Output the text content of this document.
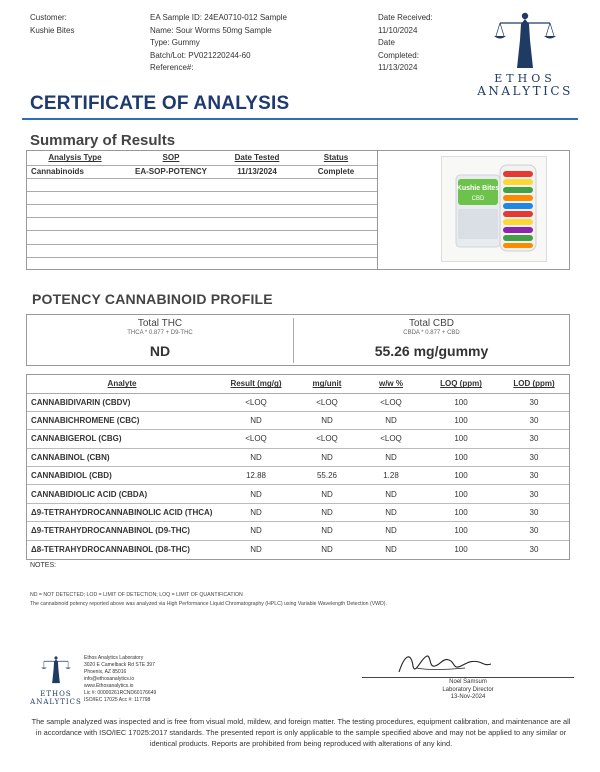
Customer:
Kushie Bites
EA Sample ID: 24EA0710-012 Sample
Name: Sour Worms 50mg Sample
Type: Gummy
Batch/Lot: PV021220244-60
Reference#:
Date Received:
11/10/2024
Date
Completed:
11/13/2024
ETHOS
ANALYTICS
CERTIFICATE OF ANALYSIS
Summary of Results
Analysis Type	SOP	Date Tested	Status
Cannabinoids	EA-SOP-POTENCY	11/13/2024	Complete

Kushie Bites
CBD
POTENCY CANNABINOID PROFILE
Total THC
THCA * 0.877 + D9-THC
ND
Total CBD
CBDA * 0.877 + CBD
55.26 mg/gummy
Analyte	Result (mg/g)	mg/unit	w/w %	LOQ (ppm)	LOD (ppm)
CANNABIDIVARIN (CBDV)	<LOQ	<LOQ	<LOQ	100	30
CANNABICHROMENE (CBC)	ND	ND	ND	100	30
CANNABIGEROL (CBG)	<LOQ	<LOQ	<LOQ	100	30
CANNABINOL (CBN)	ND	ND	ND	100	30
CANNABIDIOL (CBD)	12.88	55.26	1.28	100	30
CANNABIDIOLIC ACID (CBDA)	ND	ND	ND	100	30
Δ9-TETRAHYDROCANNABINOLIC ACID (THCA)	ND	ND	ND	100	30
Δ9-TETRAHYDROCANNABINOL (D9-THC)	ND	ND	ND	100	30
Δ8-TETRAHYDROCANNABINOL (D8-THC)	ND	ND	ND	100	30
NOTES:
ND = NOT DETECTED; LOD = LIMIT OF DETECTION; LOQ = LIMIT OF QUANTIFICATION
The cannabinoid potency reported above was analyzed via High Performance Liquid Chromatography (HPLC) using Variable Wavelength Detection (VWD).
ETHOS
ANALYTICS
Ethos Analytics Laboratory
3020 E Camelback Rd STE 397
Phoenix, AZ 85016
info@ethosanalytics.io
www.Ethosanalytics.io
Lic #: 00000261RCND60176649
ISO/IEC 17025 Acc #: 117798
Noel Samsum
Laboratory Director
13-Nov-2024
The sample analyzed was inspected and is free from visual mold, mildew, and foreign matter. The testing procedures, equipment calibration, and maintenance are all in accordance with ISO/IEC 17025:2017 standards. The presented report is only applicable to the sample specified above and may not be applied to any similar or identical products. Reports are prohibited from being reproduced with alterations of any kind.
